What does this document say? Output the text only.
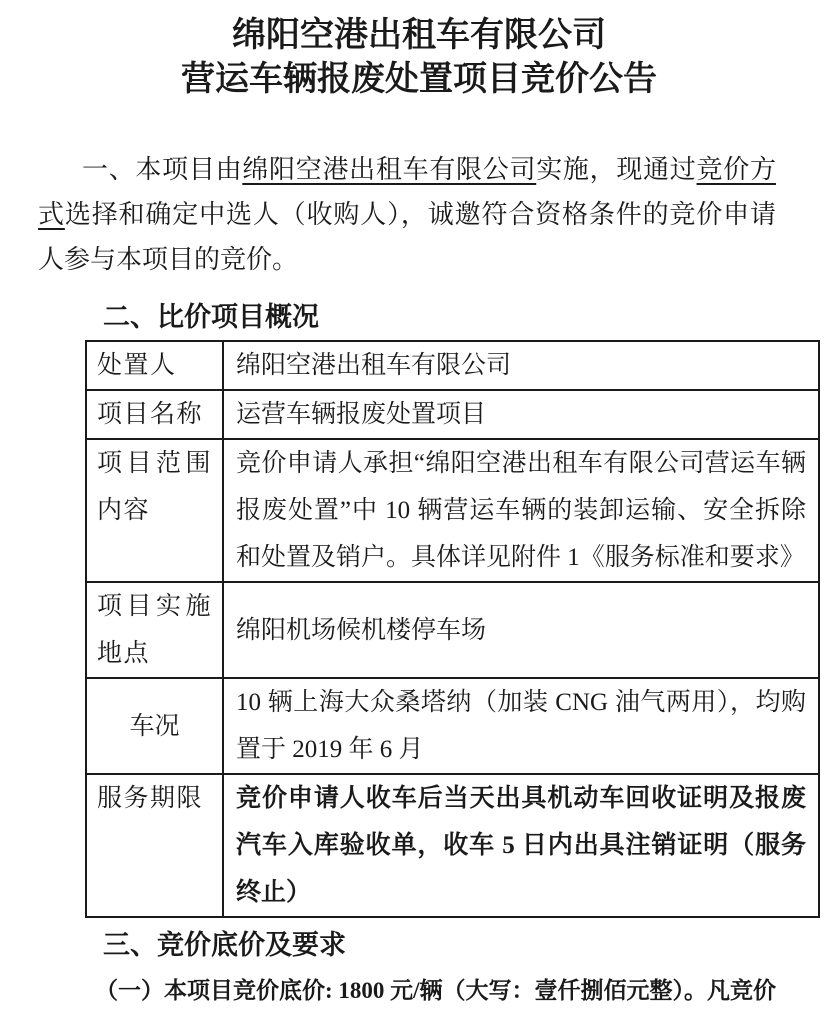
绵阳空港出租车有限公司
营运车辆报废处置项目竞价公告

一、本项目由绵阳空港出租车有限公司实施，现通过竞价方式选择和确定中选人（收购人），诚邀符合资格条件的竞价申请人参与本项目的竞价。

二、比价项目概况
处置人	绵阳空港出租车有限公司
项目名称	运营车辆报废处置项目
项目范围内容	竞价申请人承担“绵阳空港出租车有限公司营运车辆报废处置”中 10 辆营运车辆的装卸运输、安全拆除和处置及销户。具体详见附件 1《服务标准和要求》
项目实施地点	绵阳机场候机楼停车场
车况	10 辆上海大众桑塔纳（加装 CNG 油气两用），均购置于 2019 年 6 月
服务期限	竞价申请人收车后当天出具机动车回收证明及报废汽车入库验收单，收车 5 日内出具注销证明（服务终止）
三、竞价底价及要求

（一）本项目竞价底价: 1800 元/辆（大写：壹仟捌佰元整）。凡竞价
